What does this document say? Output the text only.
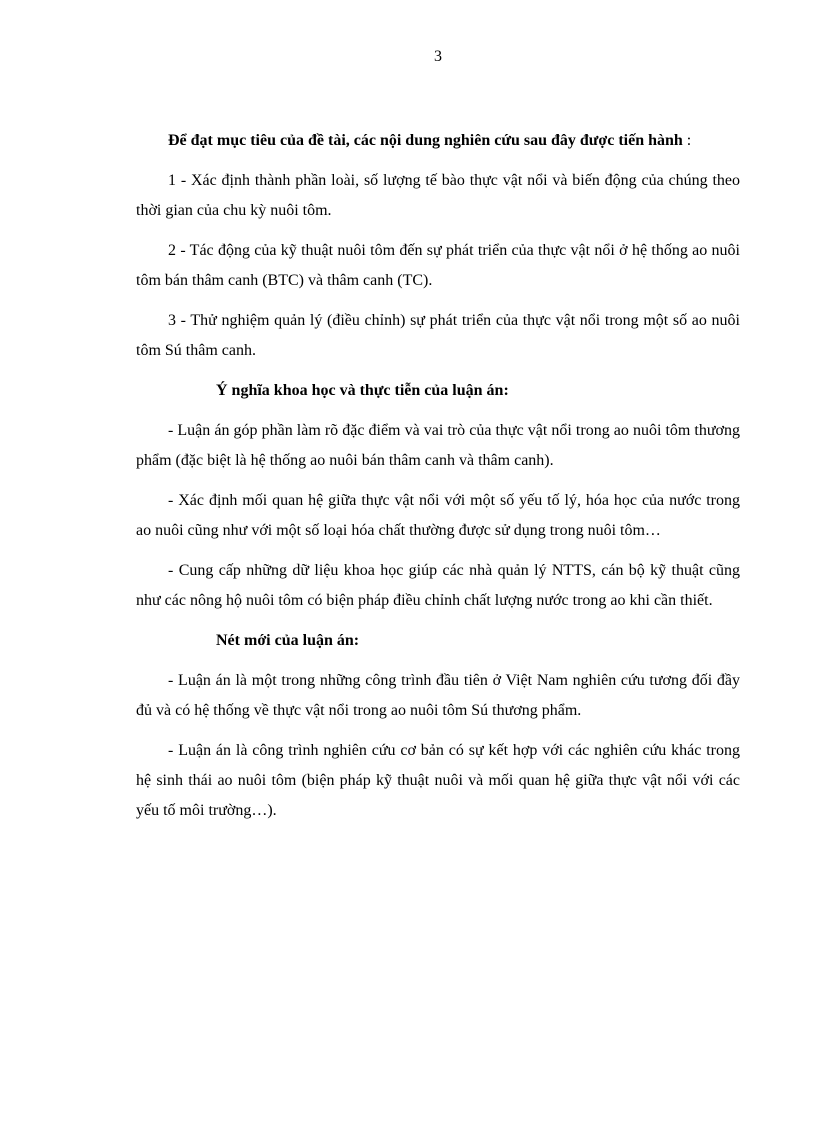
3

Để đạt mục tiêu của đề tài, các nội dung nghiên cứu sau đây được tiến hành :

1 - Xác định thành phần loài, số lượng tế bào thực vật nổi và biến động của chúng theo thời gian của chu kỳ nuôi tôm.

2 - Tác động của kỹ thuật nuôi tôm đến sự phát triển của thực vật nổi ở hệ thống ao nuôi tôm bán thâm canh (BTC) và thâm canh (TC).

3 - Thử nghiệm quản lý (điều chỉnh) sự phát triển của thực vật nổi trong một số ao nuôi tôm Sú thâm canh.

Ý nghĩa khoa học và thực tiễn của luận án:

- Luận án góp phần làm rõ đặc điểm và vai trò của thực vật nổi trong ao nuôi tôm thương phẩm (đặc biệt là hệ thống ao nuôi bán thâm canh và thâm canh).

- Xác định mối quan hệ giữa thực vật nổi với một số yếu tố lý, hóa học của nước trong ao nuôi cũng như với một số loại hóa chất thường được sử dụng trong nuôi tôm…

- Cung cấp những dữ liệu khoa học giúp các nhà quản lý NTTS, cán bộ kỹ thuật cũng như các nông hộ nuôi tôm có biện pháp điều chỉnh chất lượng nước trong ao khi cần thiết.

Nét mới của luận án:

- Luận án là một trong những công trình đầu tiên ở Việt Nam nghiên cứu tương đối đầy đủ và có hệ thống về thực vật nổi trong ao nuôi tôm Sú thương phẩm.

- Luận án là công trình nghiên cứu cơ bản có sự kết hợp với các nghiên cứu khác trong hệ sinh thái ao nuôi tôm (biện pháp kỹ thuật nuôi và mối quan hệ giữa thực vật nổi với các yếu tố môi trường…).
